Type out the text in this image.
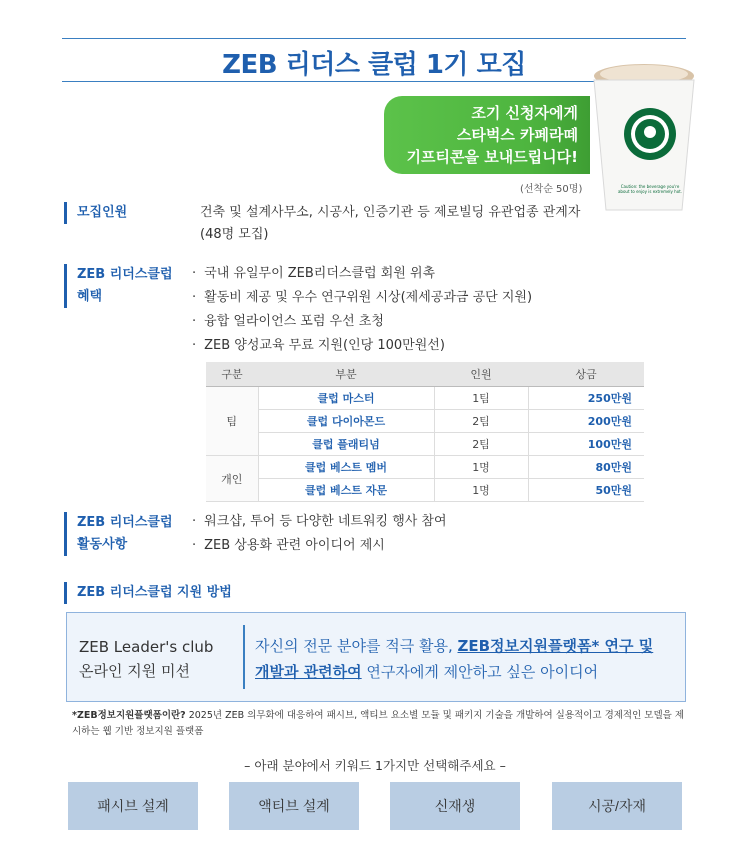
ZEB 리더스 클럽 1기 모집
조기 신청자에게
스타벅스 카페라떼
기프티콘을 보내드립니다!
(선착순 50명)	Caution: the beverage you're
about to enjoy is extremely hot.
모집인원	건축 및 설계사무소, 시공사, 인증기관 등 제로빌딩 유관업종 관계자
(48명 모집)
ZEB 리더스클럽
혜택
· 국내 유일무이 ZEB리더스클럽 회원 위촉
· 활동비 제공 및 우수 연구위원 시상(제세공과금 공단 지원)
· 융합 얼라이언스 포럼 우선 초청
· ZEB 양성교육 무료 지원(인당 100만원선)
구분	부분	인원	상금
팀	클럽 마스터	1팀	250만원
	클럽 다이아몬드	2팀	200만원
	클럽 플래티넘	2팀	100만원
개인	클럽 베스트 멤버	1명	80만원
	클럽 베스트 자문	1명	50만원
ZEB 리더스클럽
활동사항
· 워크샵, 투어 등 다양한 네트워킹 행사 참여
· ZEB 상용화 관련 아이디어 제시
ZEB 리더스클럽 지원 방법
ZEB Leader's club
온라인 지원 미션
자신의 전문 분야를 적극 활용, ZEB정보지원플랫폼* 연구 및
개발과 관련하여 연구자에게 제안하고 싶은 아이디어
*ZEB정보지원플랫폼이란? 2025년 ZEB 의무화에 대응하여 패시브, 액티브 요소별 모듈 및 패키지 기술을 개발하여 실용적이고 경제적인 모델을 제시하는 웹 기반 정보지원 플랫폼
– 아래 분야에서 키워드 1가지만 선택해주세요 –
패시브 설계	액티브 설계	신재생	시공/자재
